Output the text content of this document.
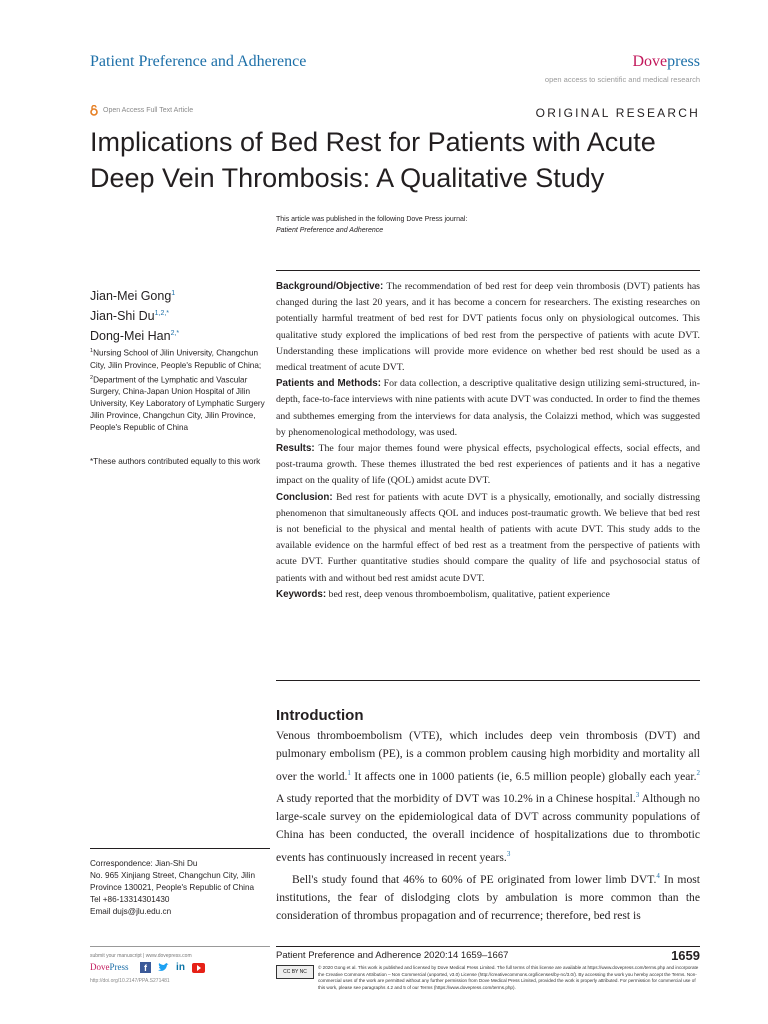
Patient Preference and Adherence	Dovepress
open access to scientific and medical research
Open Access Full Text Article	ORIGINAL RESEARCH
Implications of Bed Rest for Patients with Acute Deep Vein Thrombosis: A Qualitative Study
This article was published in the following Dove Press journal:
Patient Preference and Adherence
Jian-Mei Gong$^1$
Jian-Shi $Du^{1,2,*}$
Dong-Mei Han$^{2,*}$
$^1$Nursing School of Jilin University, Changchun City, Jilin Province, People's Republic of China; $^2$Department of the Lymphatic and Vascular Surgery, China-Japan Union Hospital of Jilin University, Key Laboratory of Lymphatic Surgery Jilin Province, Changchun City, Jilin Province, People's Republic of China
*These authors contributed equally to this work
Correspondence: Jian-Shi Du
No. 965 Xinjiang Street, Changchun City, Jilin Province 130021, People's Republic of China
Tel +86-13314301430
Email dujs@jlu.edu.cn

Background/Objective: The recommendation of bed rest for deep vein thrombosis (DVT) patients has changed during the last 20 years, and it has become a concern for researchers. The existing researches on potentially harmful treatment of bed rest for DVT patients focus only on physiological outcomes. This qualitative study explored the implications of bed rest from the perspective of patients with acute DVT. Understanding these implications will provide more evidence on whether bed rest should be used as a medical treatment of acute DVT.

Patients and Methods: For data collection, a descriptive qualitative design utilizing semi-structured, in-depth, face-to-face interviews with nine patients with acute DVT was conducted. In order to find the themes and subthemes emerging from the interviews for data analysis, the Colaizzi method, which was suggested by phenomenological methodology, was used.

Results: The four major themes found were physical effects, psychological effects, social effects, and post-trauma growth. These themes illustrated the bed rest experiences of patients and it has a negative impact on the quality of life (QOL) amidst acute DVT.

Conclusion: Bed rest for patients with acute DVT is a physically, emotionally, and socially distressing phenomenon that simultaneously affects QOL and induces post-traumatic growth. We believe that bed rest is not beneficial to the physical and mental health of patients with acute DVT. This study adds to the available evidence on the harmful effect of bed rest as a treatment from the perspective of patients with acute DVT. Further quantitative studies should compare the quality of life and psychosocial status of patients with and without bed rest amidst acute DVT.

Keywords: bed rest, deep venous thromboembolism, qualitative, patient experience

Introduction

Venous thromboembolism (VTE), which includes deep vein thrombosis (DVT) and pulmonary embolism (PE), is a common problem causing high morbidity and mortality all over the world.$^1$ It affects one in 1000 patients (ie, 6.5 million people) globally each year.$^2$ A study reported that the morbidity of DVT was 10.2% in a Chinese hospital.$^3$ Although no large-scale survey on the epidemiological data of DVT across community populations of China has been conducted, the overall incidence of hospitalizations due to thrombotic events has continuously increased in recent years.$^3$

Bell's study found that 46% to 60% of PE originated from lower limb DVT.$^4$ In most institutions, the fear of dislodging clots by ambulation is more common than the consideration of thrombus propagation and of recurrence; therefore, bed rest is

submit your manuscript | www.dovepress.com
DovePress	f	in
http://doi.org/10.2147/PPA.S271481
Patient Preference and Adherence 2020:14 1659–1667	1659
CC BY NC
© 2020 Gong et al. This work is published and licensed by Dove Medical Press Limited. The full terms of this license are available at https://www.dovepress.com/terms.php and incorporate the Creative Commons Attribution – Non Commercial (unported, v3.0) License (http://creativecommons.org/licenses/by-nc/3.0/). By accessing the work you hereby accept the Terms. Non-commercial uses of the work are permitted without any further permission from Dove Medical Press Limited, provided the work is properly attributed. For permission for commercial use of this work, please see paragraphs 4.2 and 5 of our Terms (https://www.dovepress.com/terms.php).
